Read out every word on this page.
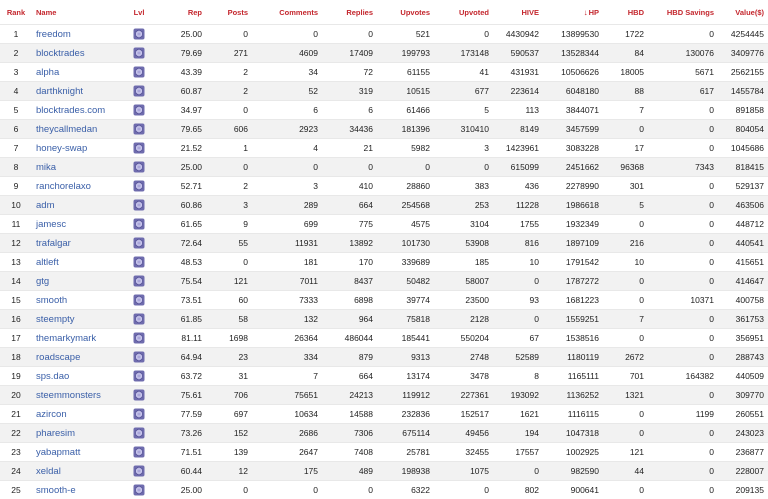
Rank	Name	Lvl	Rep	Posts	Comments	Replies	Upvotes	Upvoted	HIVE	↓HP	HBD	HBD Savings	Value($)
1	freedom		25.00	0	0	0	521	0	4430942	13899530	1722	0	4254445
2	blocktrades		79.69	271	4609	17409	199793	173148	590537	13528344	84	130076	3409776
3	alpha		43.39	2	34	72	61155	41	431931	10506626	18005	5671	2562155
4	darthknight		60.87	2	52	319	10515	677	223614	6048180	88	617	1455784
5	blocktrades.com		34.97	0	6	6	61466	5	113	3844071	7	0	891858
6	theycallmedan		79.65	606	2923	34436	181396	310410	8149	3457599	0	0	804054
7	honey-swap		21.52	1	4	21	5982	3	1423961	3083228	17	0	1045686
8	mika		25.00	0	0	0	0	0	615099	2451662	96368	7343	818415
9	ranchorelaxo		52.71	2	3	410	28860	383	436	2278990	301	0	529137
10	adm		60.86	3	289	664	254568	253	11228	1986618	5	0	463506
11	jamesc		61.65	9	699	775	4575	3104	1755	1932349	0	0	448712
12	trafalgar		72.64	55	11931	13892	101730	53908	816	1897109	216	0	440541
13	altleft		48.53	0	181	170	339689	185	10	1791542	10	0	415651
14	gtg		75.54	121	7011	8437	50482	58007	0	1787272	0	0	414647
15	smooth		73.51	60	7333	6898	39774	23500	93	1681223	0	10371	400758
16	steempty		61.85	58	132	964	75818	2128	0	1559251	7	0	361753
17	themarkymark		81.11	1698	26364	486044	185441	550204	67	1538516	0	0	356951
18	roadscape		64.94	23	334	879	9313	2748	52589	1180119	2672	0	288743
19	sps.dao		63.72	31	7	664	13174	3478	8	1165111	701	164382	440509
20	steemmonsters		75.61	706	75651	24213	119912	227361	193092	1136252	1321	0	309770
21	azircon		77.59	697	10634	14588	232836	152517	1621	1116115	0	1199	260551
22	pharesim		73.26	152	2686	7306	675114	49456	194	1047318	0	0	243023
23	yabapmatt		71.51	139	2647	7408	25781	32455	17557	1002925	121	0	236877
24	xeldal		60.44	12	175	489	198938	1075	0	982590	44	0	228007
25	smooth-e		25.00	0	0	0	6322	0	802	900641	0	0	209135
